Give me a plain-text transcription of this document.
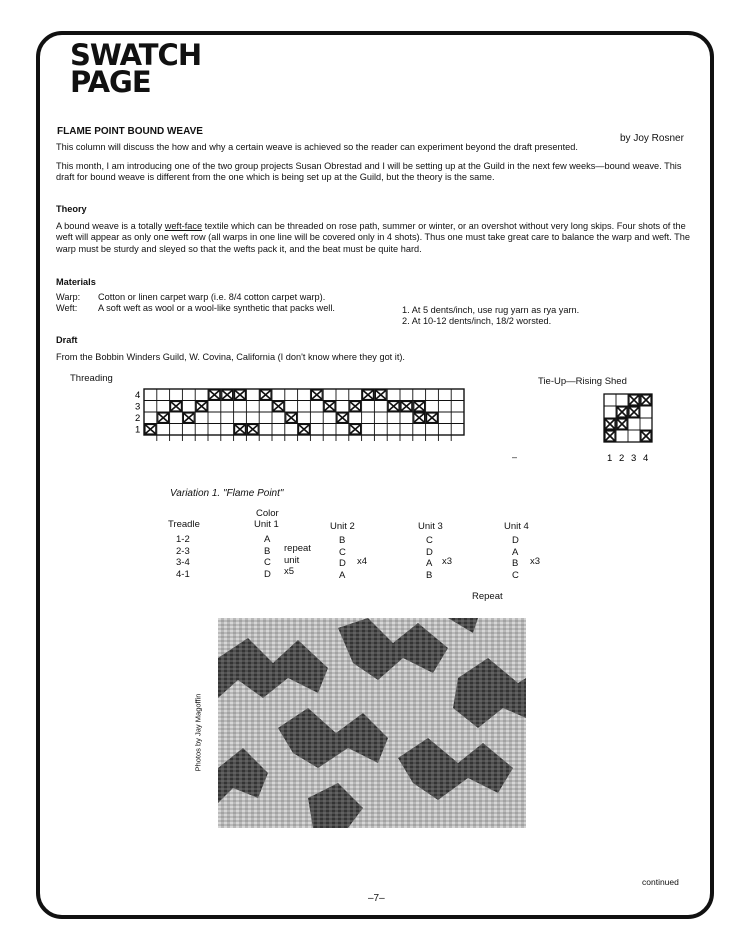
SWATCH
PAGE
FLAME POINT BOUND WEAVE
by Joy Rosner

This column will discuss the how and why a certain weave is achieved so the reader can experiment beyond the draft presented.

This month, I am introducing one of the two group projects Susan Obrestad and I will be setting up at the Guild in the next few weeks—bound weave. This draft for bound weave is different from the one which is being set up at the Guild, but the theory is the same.

Theory

A bound weave is a totally weft-face textile which can be threaded on rose path, summer or winter, or an overshot without very long skips. Four shots of the weft will appear as only one weft row (all warps in one line will be covered only in 4 shots). Thus one must take great care to balance the warp and weft. The warp must be sturdy and sleyed so that the wefts pack it, and the beat must be quite hard.

Materials
Warp: Cotton or linen carpet warp (i.e. 8/4 cotton carpet warp).
Weft: A soft weft as wool or a wool-like synthetic that packs well.	1. At 5 dents/inch, use rug yarn as rya yarn.
2. At 10-12 dents/inch, 18/2 worsted.
Draft
From the Bobbin Winders Guild, W. Covina, California (I don't know where they got it).
Threading
4
3
2
1
Tie-Up—Rising Shed
1 2 3 4
–
Variation 1. "Flame Point"
Color
Treadle
1-2
2-3
3-4
4-1
Unit 1
A
B
C
D
repeat
unit
x5
Unit 2
B
C
D
A
x4
Unit 3
C
D
A
B
x3
Unit 4
D
A
B
C
x3
Repeat
Photos by Jay Magoffin
continued
–7–
